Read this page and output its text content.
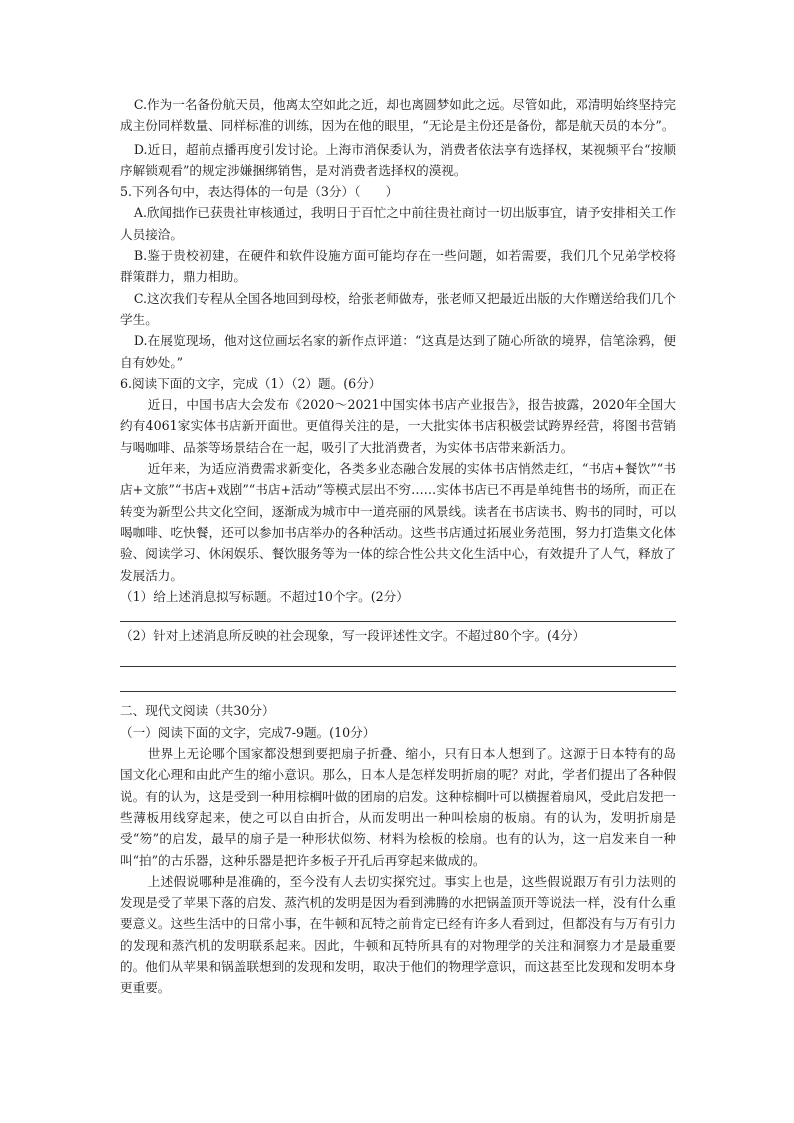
C.作为一名备份航天员，他离太空如此之近，却也离圆梦如此之远。尽管如此，邓清明始终坚持完成主份同样数量、同样标准的训练，因为在他的眼里，“无论是主份还是备份，都是航天员的本分”。

D.近日，超前点播再度引发讨论。上海市消保委认为，消费者依法享有选择权，某视频平台“按顺序解锁观看”的规定涉嫌捆绑销售，是对消费者选择权的漠视。

5.下列各句中，表达得体的一句是（3分）（　　）

A.欣闻拙作已获贵社审核通过，我明日于百忙之中前往贵社商讨一切出版事宜，请予安排相关工作人员接洽。

B.鉴于贵校初建，在硬件和软件设施方面可能均存在一些问题，如若需要，我们几个兄弟学校将群策群力，鼎力相助。

C.这次我们专程从全国各地回到母校，给张老师做寿，张老师又把最近出版的大作赠送给我们几个学生。

D.在展览现场，他对这位画坛名家的新作点评道：“这真是达到了随心所欲的境界，信笔涂鸦，便自有妙处。”

6.阅读下面的文字，完成（1）（2）题。(6分）

近日，中国书店大会发布《2020～2021中国实体书店产业报告》，报告披露，2020年全国大约有4061家实体书店新开面世。更值得关注的是，一大批实体书店积极尝试跨界经营，将图书营销与喝咖啡、品茶等场景结合在一起，吸引了大批消费者，为实体书店带来新活力。

近年来，为适应消费需求新变化，各类多业态融合发展的实体书店悄然走红，“书店+餐饮”“书店+文旅”“书店+戏剧”“书店+活动”等模式层出不穷……实体书店已不再是单纯售书的场所，而正在转变为新型公共文化空间，逐渐成为城市中一道亮丽的风景线。读者在书店读书、购书的同时，可以喝咖啡、吃快餐，还可以参加书店举办的各种活动。这些书店通过拓展业务范围，努力打造集文化体验、阅读学习、休闲娱乐、餐饮服务等为一体的综合性公共文化生活中心，有效提升了人气，释放了发展活力。

（1）给上述消息拟写标题。不超过10个字。(2分）

（2）针对上述消息所反映的社会现象，写一段评述性文字。不超过80个字。(4分）

二、现代文阅读（共30分）

（一）阅读下面的文字，完成7-9题。(10分）

世界上无论哪个国家都没想到要把扇子折叠、缩小，只有日本人想到了。这源于日本特有的岛国文化心理和由此产生的缩小意识。那么，日本人是怎样发明折扇的呢？对此，学者们提出了各种假说。有的认为，这是受到一种用棕榈叶做的团扇的启发。这种棕榈叶可以横握着扇风，受此启发把一些薄板用线穿起来，使之可以自由折合，从而发明出一种叫桧扇的板扇。有的认为，发明折扇是受“笏”的启发，最早的扇子是一种形状似笏、材料为桧板的桧扇。也有的认为，这一启发来自一种叫“拍”的古乐器，这种乐器是把许多板子开孔后再穿起来做成的。

上述假说哪种是准确的，至今没有人去切实探究过。事实上也是，这些假说跟万有引力法则的发现是受了苹果下落的启发、蒸汽机的发明是因为看到沸腾的水把锅盖顶开等说法一样，没有什么重要意义。这些生活中的日常小事，在牛顿和瓦特之前肯定已经有许多人看到过，但都没有与万有引力的发现和蒸汽机的发明联系起来。因此，牛顿和瓦特所具有的对物理学的关注和洞察力才是最重要的。他们从苹果和锅盖联想到的发现和发明，取决于他们的物理学意识，而这甚至比发现和发明本身更重要。
